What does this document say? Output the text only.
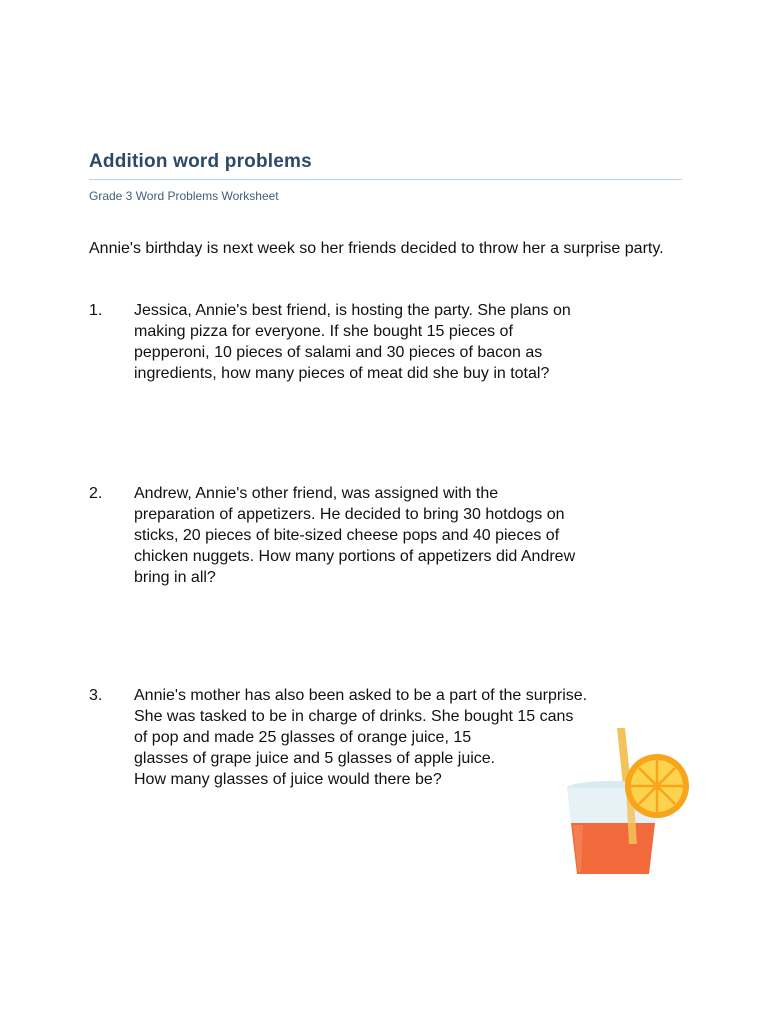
Addition word problems
Grade 3 Word Problems Worksheet
Annie's birthday is next week so her friends decided to throw her a surprise party.
1.	Jessica, Annie's best friend, is hosting the party. She plans on
making pizza for everyone. If she bought 15 pieces of
pepperoni, 10 pieces of salami and 30 pieces of bacon as
ingredients, how many pieces of meat did she buy in total?
2.	Andrew, Annie's other friend, was assigned with the
preparation of appetizers. He decided to bring 30 hotdogs on
sticks, 20 pieces of bite-sized cheese pops and 40 pieces of
chicken nuggets. How many portions of appetizers did Andrew
bring in all?
3.	Annie's mother has also been asked to be a part of the surprise.
She was tasked to be in charge of drinks. She bought 15 cans
of pop and made 25 glasses of orange juice, 15
glasses of grape juice and 5 glasses of apple juice.
How many glasses of juice would there be?
